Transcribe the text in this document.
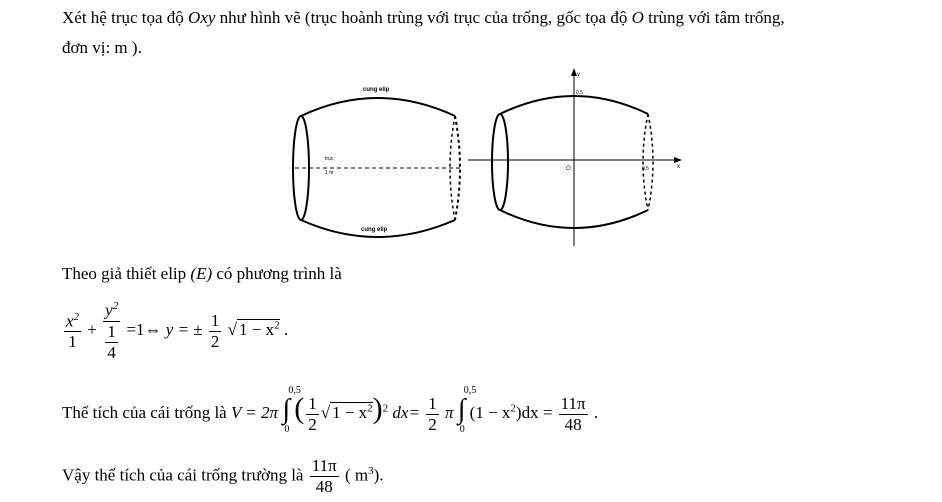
Xét hệ trục tọa độ Oxy như hình vẽ (trục hoành trùng với trục của trống, gốc tọa độ O trùng với tâm trống,
đơn vị: m ).
cung elip
cung elip
trục
1 m
y
0.5
O	0.5	x
Theo giả thiết elip (E) có phương trình là
$\frac{x^2}{1} + \frac{y^2}{\frac{1}{4}}$ =1⇔ y = ± $\frac{1}{2}$ √ $1 - x^2$ .
Thể tích của cái trống là V = 2π ∫
0,5
0
( $\frac{1}{2}$ √ $1 - x^2)^2$ $dx= \frac{1}{2}$ π ∫
0,5
0
$(1 - x^2)dx = \frac{11\pi}{48}$ .
Vậy thể tích của cái trống trường là $\frac{11\pi}{48}$ ( $m^3$).
